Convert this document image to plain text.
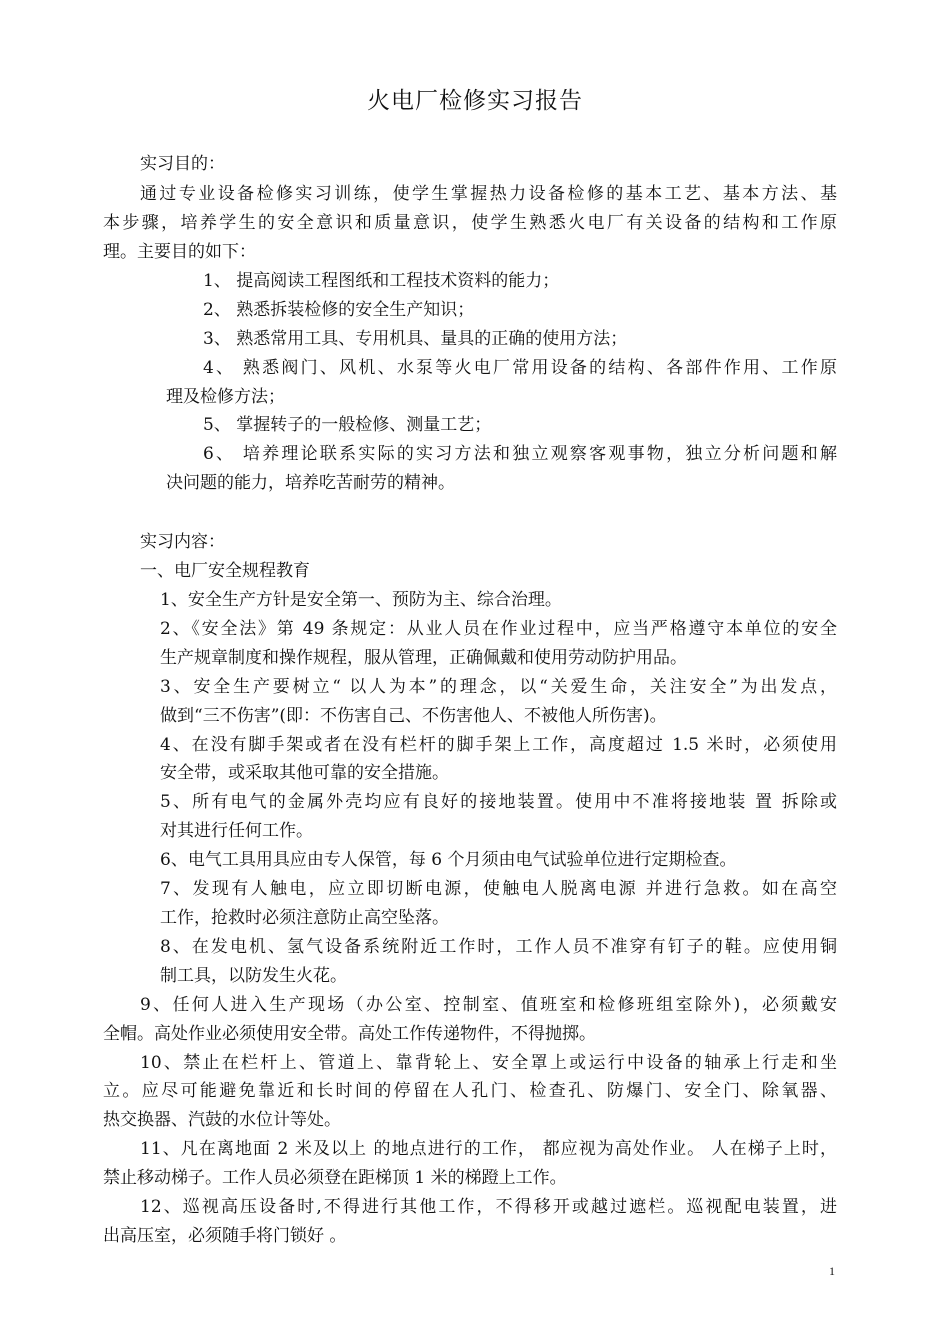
火电厂检修实习报告
实习目的：
通过专业设备检修实习训练，使学生掌握热力设备检修的基本工艺、基本方法、基
本步骤，培养学生的安全意识和质量意识，使学生熟悉火电厂有关设备的结构和工作原
理。主要目的如下：
1、 提高阅读工程图纸和工程技术资料的能力；
2、 熟悉拆装检修的安全生产知识；
3、 熟悉常用工具、专用机具、量具的正确的使用方法；
4、 熟悉阀门、风机、水泵等火电厂常用设备的结构、各部件作用、工作原
理及检修方法；
5、 掌握转子的一般检修、测量工艺；
6、 培养理论联系实际的实习方法和独立观察客观事物，独立分析问题和解
决问题的能力，培养吃苦耐劳的精神。
实习内容：
一、电厂安全规程教育
1、安全生产方针是安全第一、预防为主、综合治理。
2、《安全法》第 49 条规定：从业人员在作业过程中，应当严格遵守本单位的安全
生产规章制度和操作规程，服从管理，正确佩戴和使用劳动防护用品。
3、安全生产要树立“ 以人为本”的理念，以“关爱生命，关注安全”为出发点，
做到“三不伤害”(即：不伤害自己、不伤害他人、不被他人所伤害)。
4、在没有脚手架或者在没有栏杆的脚手架上工作，高度超过 1.5 米时，必须使用
安全带，或采取其他可靠的安全措施。
5、所有电气的金属外壳均应有良好的接地装置。使用中不准将接地装 置 拆除或
对其进行任何工作。
6、电气工具用具应由专人保管，每 6 个月须由电气试验单位进行定期检查。
7、发现有人触电，应立即切断电源，使触电人脱离电源 并进行急救。如在高空
工作，抢救时必须注意防止高空坠落。
8、在发电机、氢气设备系统附近工作时，工作人员不准穿有钉子的鞋。应使用铜
制工具，以防发生火花。
9、任何人进入生产现场（办公室、控制室、值班室和检修班组室除外)，必须戴安
全帽。高处作业必须使用安全带。高处工作传递物件，不得抛掷。
10、禁止在栏杆上、管道上、靠背轮上、安全罩上或运行中设备的轴承上行走和坐
立。应尽可能避免靠近和长时间的停留在人孔门、检查孔、防爆门、安全门、除氧器、
热交换器、汽鼓的水位计等处。
11、凡在离地面 2 米及以上 的地点进行的工作， 都应视为高处作业。 人在梯子上时，
禁止移动梯子。工作人员必须登在距梯顶 1 米的梯蹬上工作。
12、巡视高压设备时,不得进行其他工作，不得移开或越过遮栏。巡视配电装置，进
出高压室，必须随手将门锁好 。
1
